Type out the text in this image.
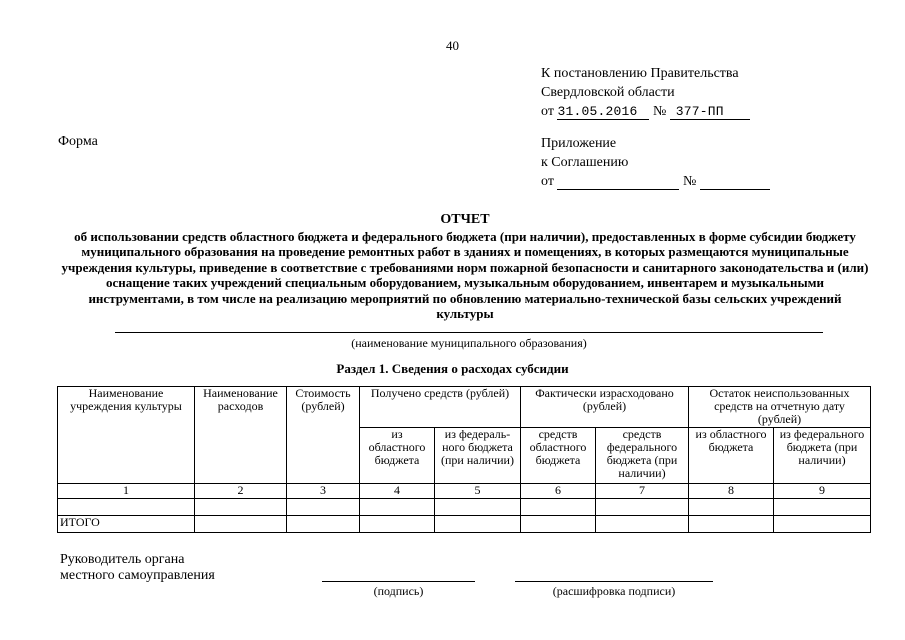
40
К постановлению Правительства
Свердловской области
от 31.05.2016 № 377-ПП
Форма	Приложение
к Соглашению
от	№
ОТЧЕТ
об использовании средств областного бюджета и федерального бюджета (при наличии), предоставленных в форме субсидии бюджету муниципального образования на проведение ремонтных работ в зданиях и помещениях, в которых размещаются муниципальные учреждения культуры, приведение в соответствие с требованиями норм пожарной безопасности и санитарного законодательства и (или) оснащение таких учреждений специальным оборудованием, музыкальным оборудованием, инвентарем и музыкальными инструментами, в том числе на реализацию мероприятий по обновлению материально-технической базы сельских учреждений культуры
(наименование муниципального образования)
Раздел 1. Сведения о расходах субсидии
Наименование учреждения культуры	Наименование расходов	Стоимость (рублей)	Получено средств (рублей)		Фактически израсходовано (рублей)		Остаток неиспользованных средств на отчетную дату (рублей)	
			из областного бюджета	из федераль-ного бюджета (при наличии)	средств областного бюджета	средств федерального бюджета (при наличии)	из областного бюджета	из федерального бюджета (при наличии)
1	2	3	4	5	6	7	8	9

ИТОГО								
Руководитель органа
местного самоуправления
(подпись)	(расшифровка подписи)
